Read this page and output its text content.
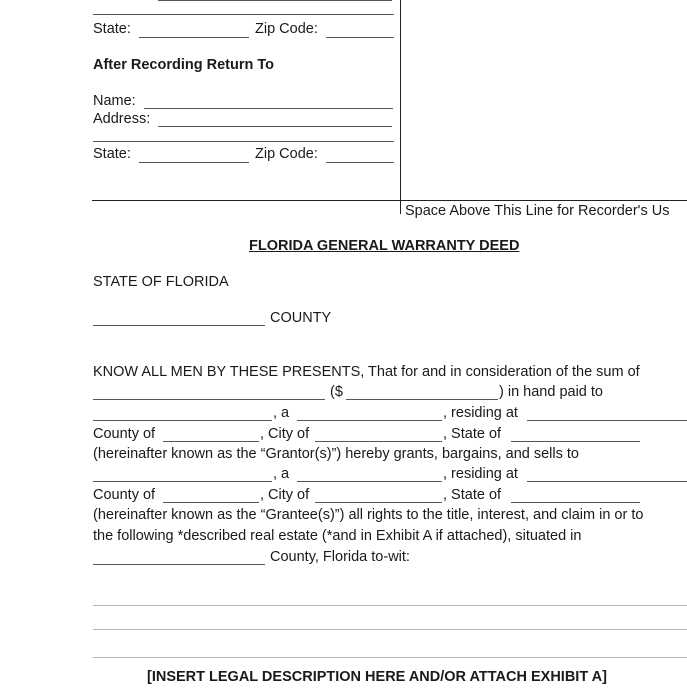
State:	Zip Code:
After Recording Return To
Name:
Address:
State:	Zip Code:
Space Above This Line for Recorder's Us
FLORIDA GENERAL WARRANTY DEED
STATE OF FLORIDA
COUNTY
KNOW ALL MEN BY THESE PRESENTS, That for and in consideration of the sum of
($	) in hand paid to
, a	, residing at
County of	, City of	, State of
(hereinafter known as the “Grantor(s)”) hereby grants, bargains, and sells to
, a	, residing at
County of	, City of	, State of
(hereinafter known as the “Grantee(s)”) all rights to the title, interest, and claim in or to
the following *described real estate (*and in Exhibit A if attached), situated in
County, Florida to-wit:
[INSERT LEGAL DESCRIPTION HERE AND/OR ATTACH EXHIBIT A]
